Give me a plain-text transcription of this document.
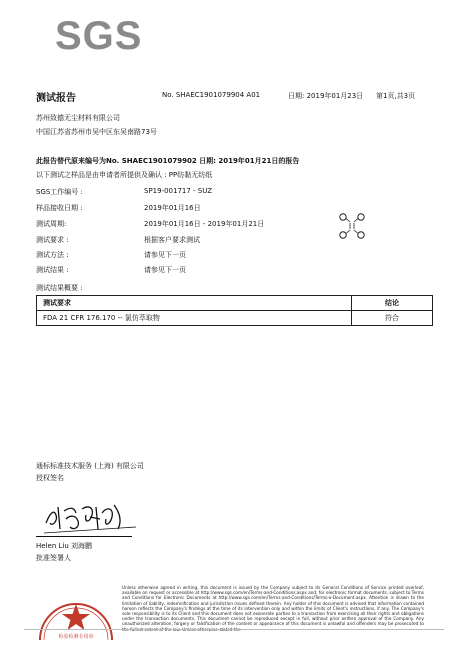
SGS
测试报告	No. SHAEC1901079904 A01	日期: 2019年01月23日 第1页,共3页
苏州致德无尘材料有限公司
中国江苏省苏州市吴中区东吴南路73号
此报告替代原来编号为No. SHAEC1901079902 日期: 2019年01月21日的报告
以下测试之样品是由申请者所提供及确认 : PP纺黏无纺纸
SGS工作编号 :	SP19-001717 - SUZ
样品接收日期 :	2019年01月16日
测试周期:	2019年01月16日 - 2019年01月21日
测试要求 :	根据客户要求测试
测试方法 :	请参见下一页
测试结果 :	请参见下一页
测试结果概要 :
测试要求	结论
FDA 21 CFR 176.170 -- 氯仿萃取物	符合
通标标准技术服务 (上海) 有限公司
授权签名
Helen Liu 刘海鹏
批准签署人
检验检测专用章
Unless otherwise agreed in writing, this document is issued by the Company subject to its General Conditions of Service printed overleaf, available on request or accessible at http://www.sgs.com/en/Terms-and-Conditions.aspx and, for electronic format documents, subject to Terms and Conditions for Electronic Documents at http://www.sgs.com/en/Terms-and-Conditions/Terms-e-Document.aspx. Attention is drawn to the limitation of liability, indemnification and jurisdiction issues defined therein. Any holder of this document is advised that information contained hereon reflects the Company's findings at the time of its intervention only and within the limits of Client's instructions, if any. The Company's sole responsibility is to its Client and this document does not exonerate parties to a transaction from exercising all their rights and obligations under the transaction documents. This document cannot be reproduced except in full, without prior written approval of the Company. Any unauthorized alteration, forgery or falsification of the content or appearance of this document is unlawful and offenders may be prosecuted to the fullest extent of the law. Unless otherwise stated the
